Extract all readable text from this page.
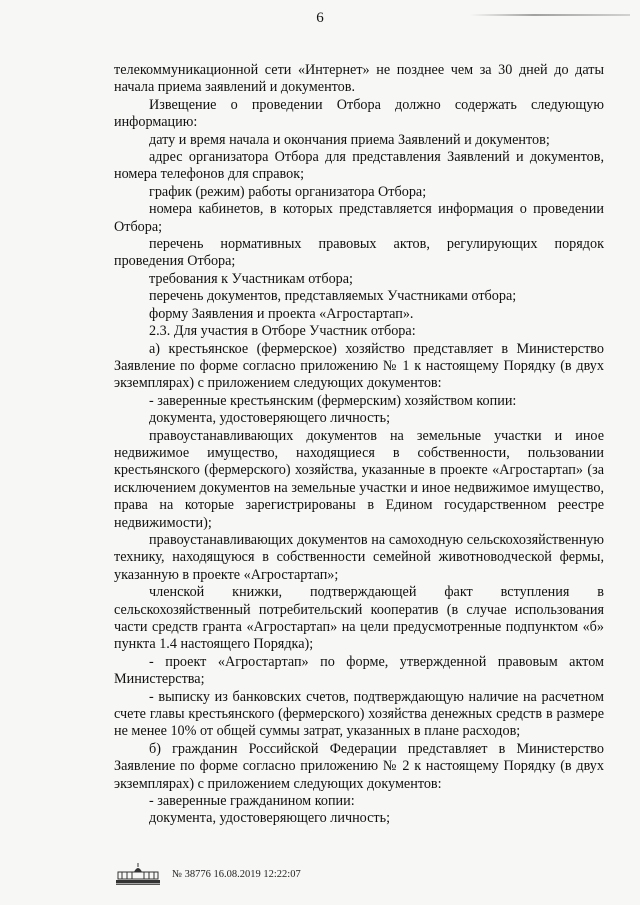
6

телекоммуникационной сети «Интернет» не позднее чем за 30 дней до даты начала приема заявлений и документов.

Извещение о проведении Отбора должно содержать следующую информацию:

дату и время начала и окончания приема Заявлений и документов;

адрес организатора Отбора для представления Заявлений и документов, номера телефонов для справок;

график (режим) работы организатора Отбора;

номера кабинетов, в которых представляется информация о проведении Отбора;

перечень нормативных правовых актов, регулирующих порядок проведения Отбора;

требования к Участникам отбора;

перечень документов, представляемых Участниками отбора;

форму Заявления и проекта «Агростартап».

2.3. Для участия в Отборе Участник отбора:

а) крестьянское (фермерское) хозяйство представляет в Министерство Заявление по форме согласно приложению № 1 к настоящему Порядку (в двух экземплярах) с приложением следующих документов:

- заверенные крестьянским (фермерским) хозяйством копии:

документа, удостоверяющего личность;

правоустанавливающих документов на земельные участки и иное недвижимое имущество, находящиеся в собственности, пользовании крестьянского (фермерского) хозяйства, указанные в проекте «Агростартап» (за исключением документов на земельные участки и иное недвижимое имущество, права на которые зарегистрированы в Едином государственном реестре недвижимости);

правоустанавливающих документов на самоходную сельскохозяйственную технику, находящуюся в собственности семейной животноводческой фермы, указанную в проекте «Агростартап»;

членской книжки, подтверждающей факт вступления в сельскохозяйственный потребительский кооператив (в случае использования части средств гранта «Агростартап» на цели предусмотренные подпунктом «б» пункта 1.4 настоящего Порядка);

- проект «Агростартап» по форме, утвержденной правовым актом Министерства;

- выписку из банковских счетов, подтверждающую наличие на расчетном счете главы крестьянского (фермерского) хозяйства денежных средств в размере не менее 10% от общей суммы затрат, указанных в плане расходов;

б) гражданин Российской Федерации представляет в Министерство Заявление по форме согласно приложению № 2 к настоящему Порядку (в двух экземплярах) с приложением следующих документов:

- заверенные гражданином копии:

документа, удостоверяющего личность;

№ 38776 16.08.2019 12:22:07
